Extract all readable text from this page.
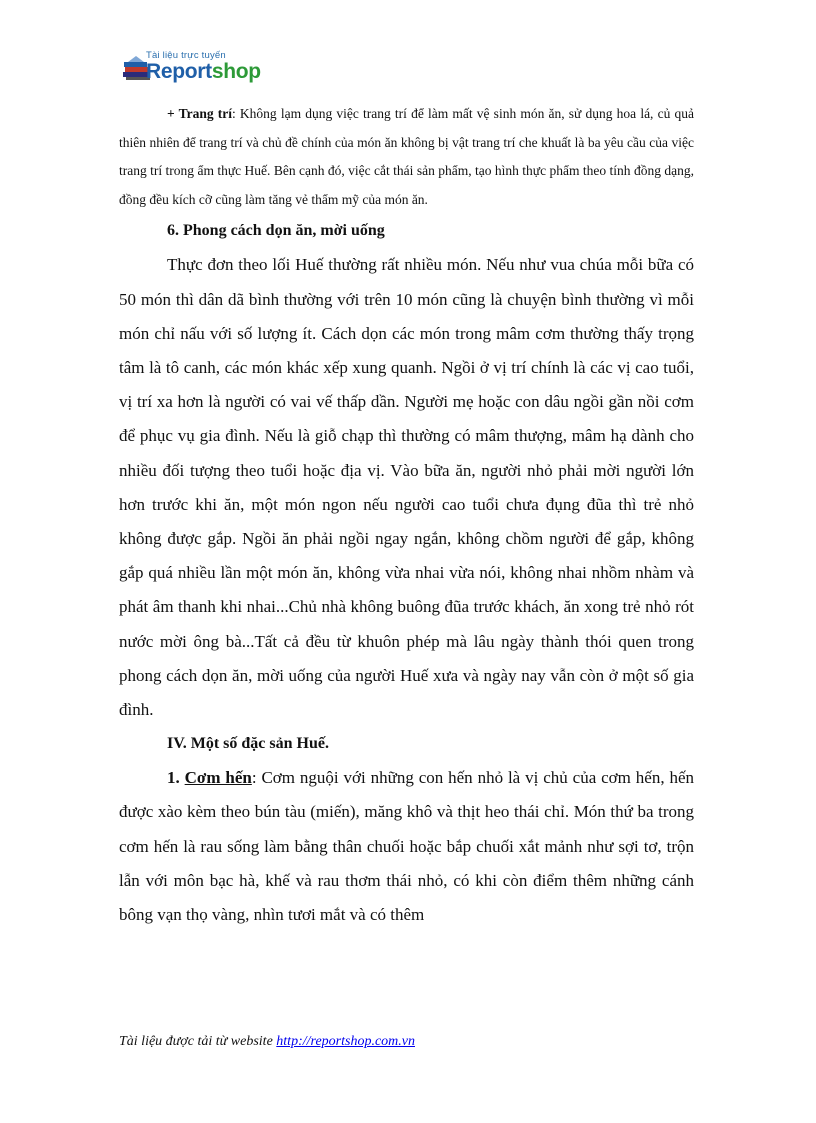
Tài liệu trực tuyến
Reportshop

+ Trang trí: Không lạm dụng việc trang trí để làm mất vệ sinh món ăn, sử dụng hoa lá, củ quả thiên nhiên để trang trí và chủ đề chính của món ăn không bị vật trang trí che khuất là ba yêu cầu của việc trang trí trong ẩm thực Huế. Bên cạnh đó, việc cắt thái sản phẩm, tạo hình thực phẩm theo tính đồng dạng, đồng đều kích cỡ cũng làm tăng vẻ thẩm mỹ của món ăn.

6. Phong cách dọn ăn, mời uống

Thực đơn theo lối Huế thường rất nhiều món. Nếu như vua chúa mỗi bữa có 50 món thì dân dã bình thường với trên 10 món cũng là chuyện bình thường vì mỗi món chỉ nấu với số lượng ít. Cách dọn các món trong mâm cơm thường thấy trọng tâm là tô canh, các món khác xếp xung quanh. Ngồi ở vị trí chính là các vị cao tuổi, vị trí xa hơn là người có vai vế thấp dần. Người mẹ hoặc con dâu ngồi gần nồi cơm để phục vụ gia đình. Nếu là giỗ chạp thì thường có mâm thượng, mâm hạ dành cho nhiều đối tượng theo tuổi hoặc địa vị. Vào bữa ăn, người nhỏ phải mời người lớn hơn trước khi ăn, một món ngon nếu người cao tuổi chưa đụng đũa thì trẻ nhỏ không được gắp. Ngồi ăn phải ngồi ngay ngắn, không chồm người để gắp, không gắp quá nhiều lần một món ăn, không vừa nhai vừa nói, không nhai nhồm nhàm và phát âm thanh khi nhai...Chủ nhà không buông đũa trước khách, ăn xong trẻ nhỏ rót nước mời ông bà...Tất cả đều từ khuôn phép mà lâu ngày thành thói quen trong phong cách dọn ăn, mời uống của người Huế xưa và ngày nay vẫn còn ở một số gia đình.

IV. Một số đặc sản Huế.

1. Cơm hến: Cơm nguội với những con hến nhỏ là vị chủ của cơm hến, hến được xào kèm theo bún tàu (miến), măng khô và thịt heo thái chỉ. Món thứ ba trong cơm hến là rau sống làm bằng thân chuối hoặc bắp chuối xắt mảnh như sợi tơ, trộn lẫn với môn bạc hà, khế và rau thơm thái nhỏ, có khi còn điểm thêm những cánh bông vạn thọ vàng, nhìn tươi mắt và có thêm

Tài liệu được tải từ website http://reportshop.com.vn
